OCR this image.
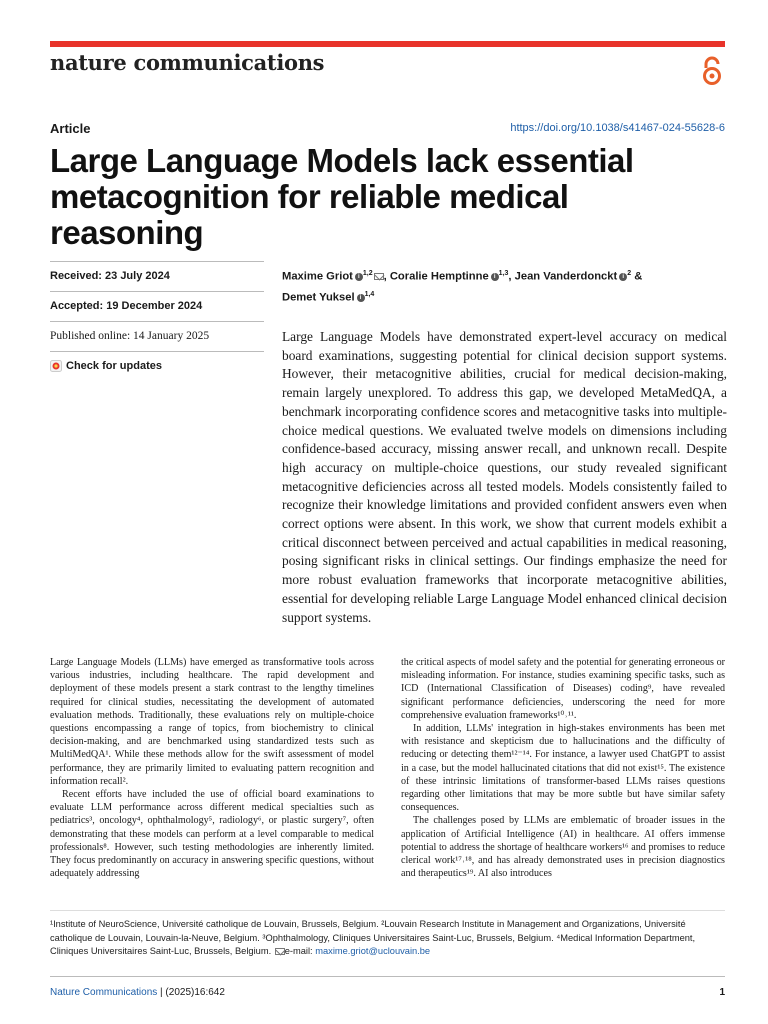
nature communications
Article	https://doi.org/10.1038/s41467-024-55628-6
Large Language Models lack essential metacognition for reliable medical reasoning
Received: 23 July 2024
Accepted: 19 December 2024
Published online: 14 January 2025
Check for updates
Maxime Griot i $^{1,2}$ , Coralie Hemptinne i $^{1,3}$, Jean Vanderdonckt i $^2$ &
Demet Yuksel i $^{1,4}$

Large Language Models have demonstrated expert-level accuracy on medical board examinations, suggesting potential for clinical decision support systems. However, their metacognitive abilities, crucial for medical decision-making, remain largely unexplored. To address this gap, we developed MetaMedQA, a benchmark incorporating confidence scores and metacognitive tasks into multiple-choice medical questions. We evaluated twelve models on dimensions including confidence-based accuracy, missing answer recall, and unknown recall. Despite high accuracy on multiple-choice questions, our study revealed significant metacognitive deficiencies across all tested models. Models consistently failed to recognize their knowledge limitations and provided confident answers even when correct options were absent. In this work, we show that current models exhibit a critical disconnect between perceived and actual capabilities in medical reasoning, posing significant risks in clinical settings. Our findings emphasize the need for more robust evaluation frameworks that incorporate metacognitive abilities, essential for developing reliable Large Language Model enhanced clinical decision support systems.

Large Language Models (LLMs) have emerged as transformative tools across various industries, including healthcare. The rapid development and deployment of these models present a stark contrast to the lengthy timelines required for clinical studies, necessitating the development of automated evaluation methods. Traditionally, these evaluations rely on multiple-choice questions encompassing a range of topics, from biochemistry to clinical decision-making, and are benchmarked using standardized tests such as MultiMedQA¹. While these methods allow for the swift assessment of model performance, they are primarily limited to evaluating pattern recognition and information recall².

Recent efforts have included the use of official board examinations to evaluate LLM performance across different medical specialties such as pediatrics³, oncology⁴, ophthalmology⁵, radiology⁶, or plastic surgery⁷, often demonstrating that these models can perform at a level comparable to medical professionals⁸. However, such testing methodologies are inherently limited. They focus predominantly on accuracy in answering specific questions, without adequately addressing

the critical aspects of model safety and the potential for generating erroneous or misleading information. For instance, studies examining specific tasks, such as ICD (International Classification of Diseases) coding⁹, have revealed significant performance deficiencies, underscoring the need for more comprehensive evaluation frameworks¹⁰˒¹¹.

In addition, LLMs' integration in high-stakes environments has been met with resistance and skepticism due to hallucinations and the difficulty of reducing or detecting them¹²⁻¹⁴. For instance, a lawyer used ChatGPT to assist in a case, but the model hallucinated citations that did not exist¹⁵. The existence of these intrinsic limitations of transformer-based LLMs raises questions regarding other limitations that may be more subtle but have similar safety consequences.

The challenges posed by LLMs are emblematic of broader issues in the application of Artificial Intelligence (AI) in healthcare. AI offers immense potential to address the shortage of healthcare workers¹⁶ and promises to reduce clerical work¹⁷˒¹⁸, and has already demonstrated uses in precision diagnostics and therapeutics¹⁹. AI also introduces

¹Institute of NeuroScience, Université catholique de Louvain, Brussels, Belgium. ²Louvain Research Institute in Management and Organizations, Université catholique de Louvain, Louvain-la-Neuve, Belgium. ³Ophthalmology, Cliniques Universitaires Saint-Luc, Brussels, Belgium. ⁴Medical Information Department, Cliniques Universitaires Saint-Luc, Brussels, Belgium. e-mail: maxime.griot@uclouvain.be

Nature Communications | (2025)16:642	1
